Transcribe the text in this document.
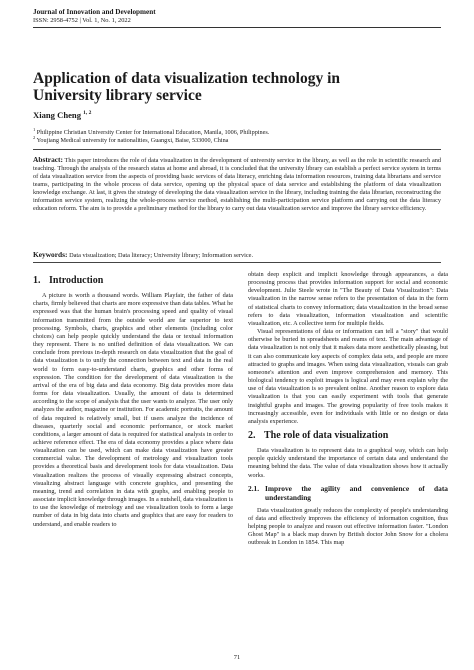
Journal of Innovation and Development
ISSN: 2958-4752 | Vol. 1, No. 1, 2022
Application of data visualization technology in
University library service
Xiang Cheng $^{1, 2}$
$^1$ Philippine Christian University Center for International Education, Manila, 1006, Philippines.
$^2$ Youjiang Medical university for nationalities, Guangxi, Baise, 533000, China
Abstract: This paper introduces the role of data visualization in the development of university service in the library, as well as the role in scientific research and teaching. Through the analysis of the research status at home and abroad, it is concluded that the university library can establish a perfect service system in terms of data visualization service from the aspects of providing basic services of data literacy, enriching data information resources, training data librarians and service teams, participating in the whole process of data service, opening up the physical space of data service and establishing the platform of data visualization knowledge exchange. At last, it gives the strategy of developing the data visualization service in the library, including training the data librarian, reconstructing the information service system, realizing the whole-process service method, establishing the multi-participation service platform and carrying out the data literacy education reform. The aim is to provide a preliminary method for the library to carry out data visualization service and improve the library service efficiency.
Keywords: Data visualization; Data literacy; University library; Information service.
1. Introduction

A picture is worth a thousand words. William Playfair, the father of data charts, firmly believed that charts are more expressive than data tables. What he expressed was that the human brain's processing speed and quality of visual information transmitted from the outside world are far superior to text processing. Symbols, charts, graphics and other elements (including color choices) can help people quickly understand the data or textual information they represent. There is no unified definition of data visualization. We can conclude from previous in-depth research on data visualization that the goal of data visualization is to unify the connection between text and data in the real world to form easy-to-understand charts, graphics and other forms of expression. The condition for the development of data visualization is the arrival of the era of big data and data economy. Big data provides more data forms for data visualization. Usually, the amount of data is determined according to the scope of analysis that the user wants to analyze. The user only analyzes the author, magazine or institution. For academic portraits, the amount of data required is relatively small, but if users analyze the incidence of diseases, quarterly social and economic performance, or stock market conditions, a larger amount of data is required for statistical analysis in order to achieve reference effect. The era of data economy provides a place where data visualization can be used, which can make data visualization have greater commercial value. The development of metrology and visualization tools provides a theoretical basis and development tools for data visualization. Data visualization realizes the process of visually expressing abstract concepts, visualizing abstract language with concrete graphics, and presenting the meaning, trend and correlation in data with graphs, and enabling people to associate implicit knowledge through images. In a nutshell, data visualization is to use the knowledge of metrology and use visualization tools to form a large number of data in big data into charts and graphics that are easy for readers to understand, and enable readers to

obtain deep explicit and implicit knowledge through appearances, a data processing process that provides information support for social and economic development. Julie Steele wrote in "The Beauty of Data Visualization": Data visualization in the narrow sense refers to the presentation of data in the form of statistical charts to convey information; data visualization in the broad sense refers to data visualization, information visualization and scientific visualization, etc. A collective term for multiple fields.

Visual representations of data or information can tell a "story" that would otherwise be buried in spreadsheets and reams of text. The main advantage of data visualization is not only that it makes data more aesthetically pleasing, but it can also communicate key aspects of complex data sets, and people are more attracted to graphs and images. When using data visualization, visuals can grab someone's attention and even improve comprehension and memory. This biological tendency to exploit images is logical and may even explain why the use of data visualization is so prevalent online. Another reason to explore data visualization is that you can easily experiment with tools that generate insightful graphs and images. The growing popularity of free tools makes it increasingly accessible, even for individuals with little or no design or data analysis experience.

2. The role of data visualization

Data visualization is to represent data in a graphical way, which can help people quickly understand the importance of certain data and understand the meaning behind the data. The value of data visualization shows how it actually works.

2.1. Improve the agility and convenience of data understanding

Data visualization greatly reduces the complexity of people's understanding of data and effectively improves the efficiency of information cognition, thus helping people to analyze and reason out effective information faster. "London Ghost Map" is a black map drawn by British doctor John Snow for a cholera outbreak in London in 1854. This map

71
